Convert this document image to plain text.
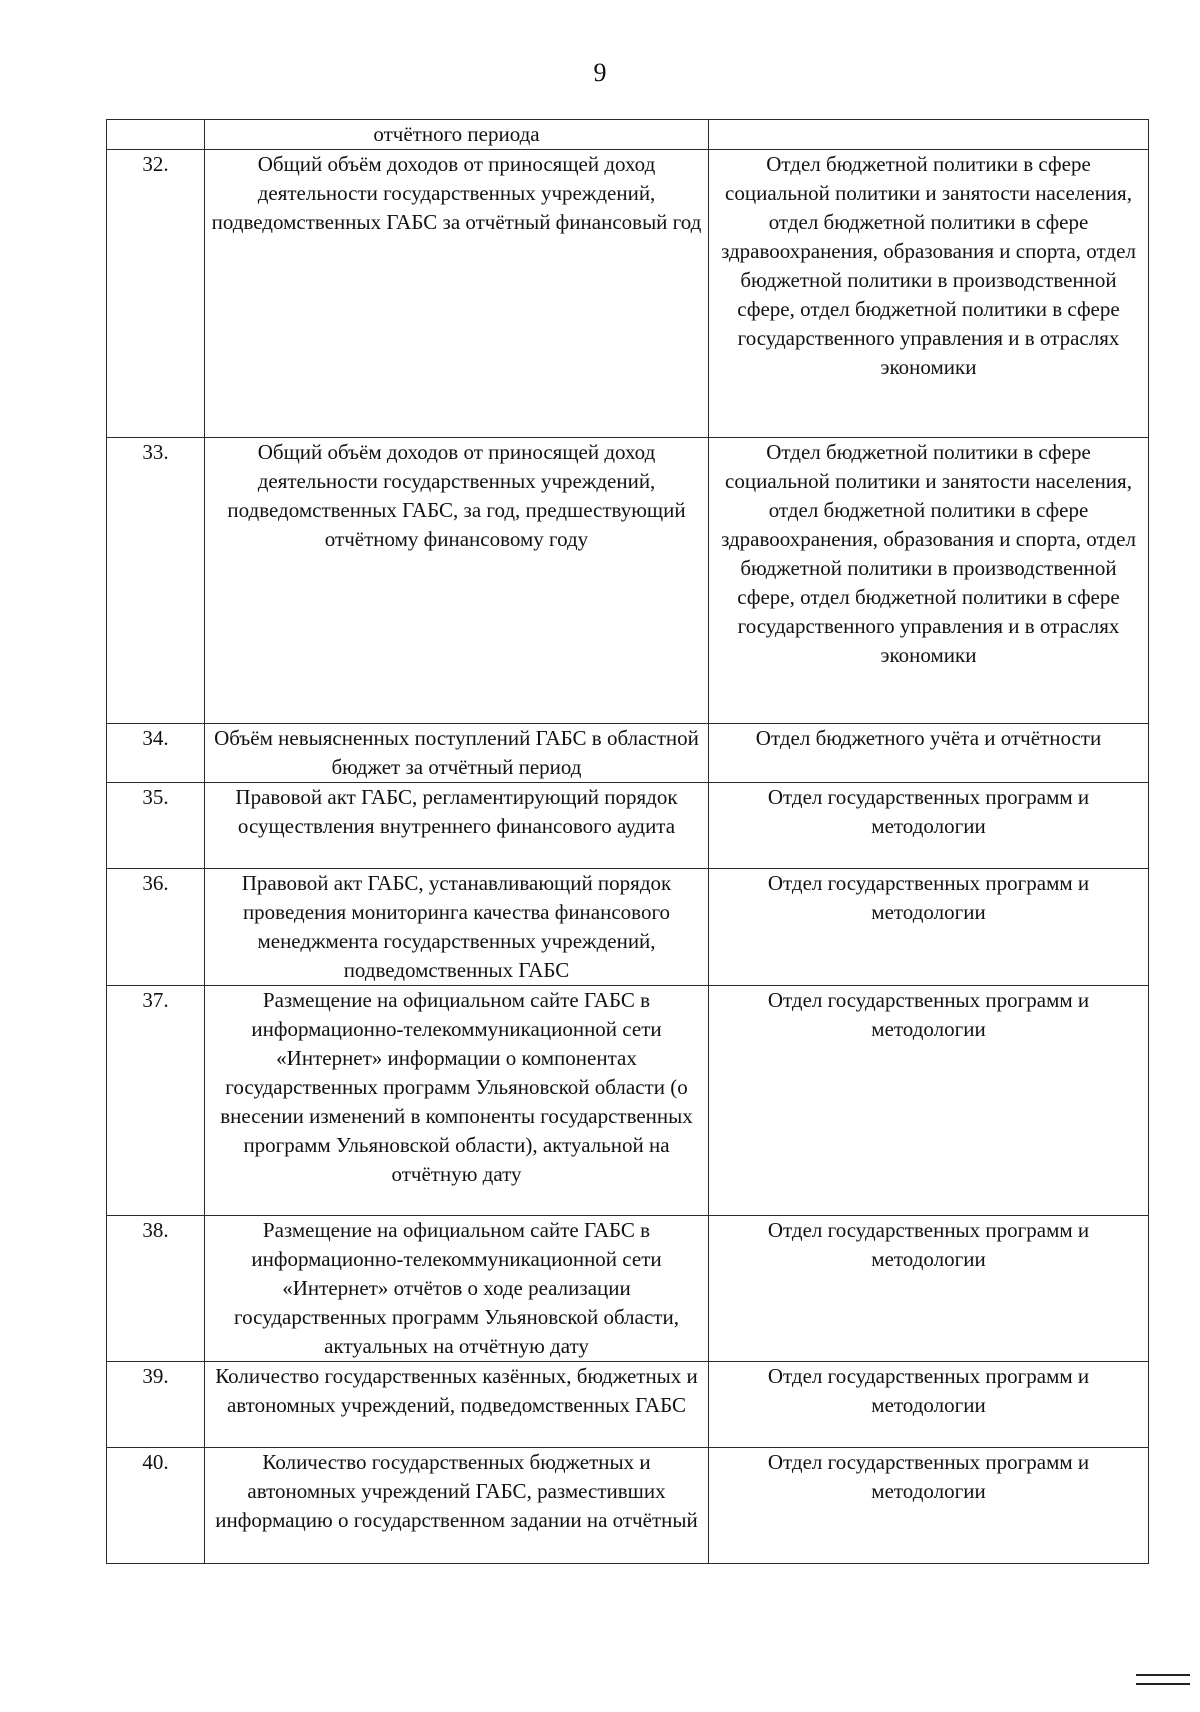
9
	отчётного периода	
32.	Общий объём доходов от приносящей доход деятельности государственных учреждений, подведомственных ГАБС за отчётный финансовый год	Отдел бюджетной политики в сфере социальной политики и занятости населения, отдел бюджетной политики в сфере здравоохранения, образования и спорта, отдел бюджетной политики в производственной сфере, отдел бюджетной политики в сфере государственного управления и в отраслях экономики
33.	Общий объём доходов от приносящей доход деятельности государственных учреждений, подведомственных ГАБС, за год, предшествующий отчётному финансовому году	Отдел бюджетной политики в сфере социальной политики и занятости населения, отдел бюджетной политики в сфере здравоохранения, образования и спорта, отдел бюджетной политики в производственной сфере, отдел бюджетной политики в сфере государственного управления и в отраслях экономики
34.	Объём невыясненных поступлений ГАБС в областной бюджет за отчётный период	Отдел бюджетного учёта и отчётности
35.	Правовой акт ГАБС, регламентирующий порядок осуществления внутреннего финансового аудита	Отдел государственных программ и методологии
36.	Правовой акт ГАБС, устанавливающий порядок проведения мониторинга качества финансового менеджмента государственных учреждений, подведомственных ГАБС	Отдел государственных программ и методологии
37.	Размещение на официальном сайте ГАБС в информационно-телекоммуникационной сети «Интернет» информации о компонентах государственных программ Ульяновской области (о внесении изменений в компоненты государственных программ Ульяновской области), актуальной на отчётную дату	Отдел государственных программ и методологии
38.	Размещение на официальном сайте ГАБС в информационно-телекоммуникационной сети «Интернет» отчётов о ходе реализации государственных программ Ульяновской области, актуальных на отчётную дату	Отдел государственных программ и методологии
39.	Количество государственных казённых, бюджетных и автономных учреждений, подведомственных ГАБС	Отдел государственных программ и методологии
40.	Количество государственных бюджетных и автономных учреждений ГАБС, разместивших информацию о государственном задании на отчётный	Отдел государственных программ и методологии
